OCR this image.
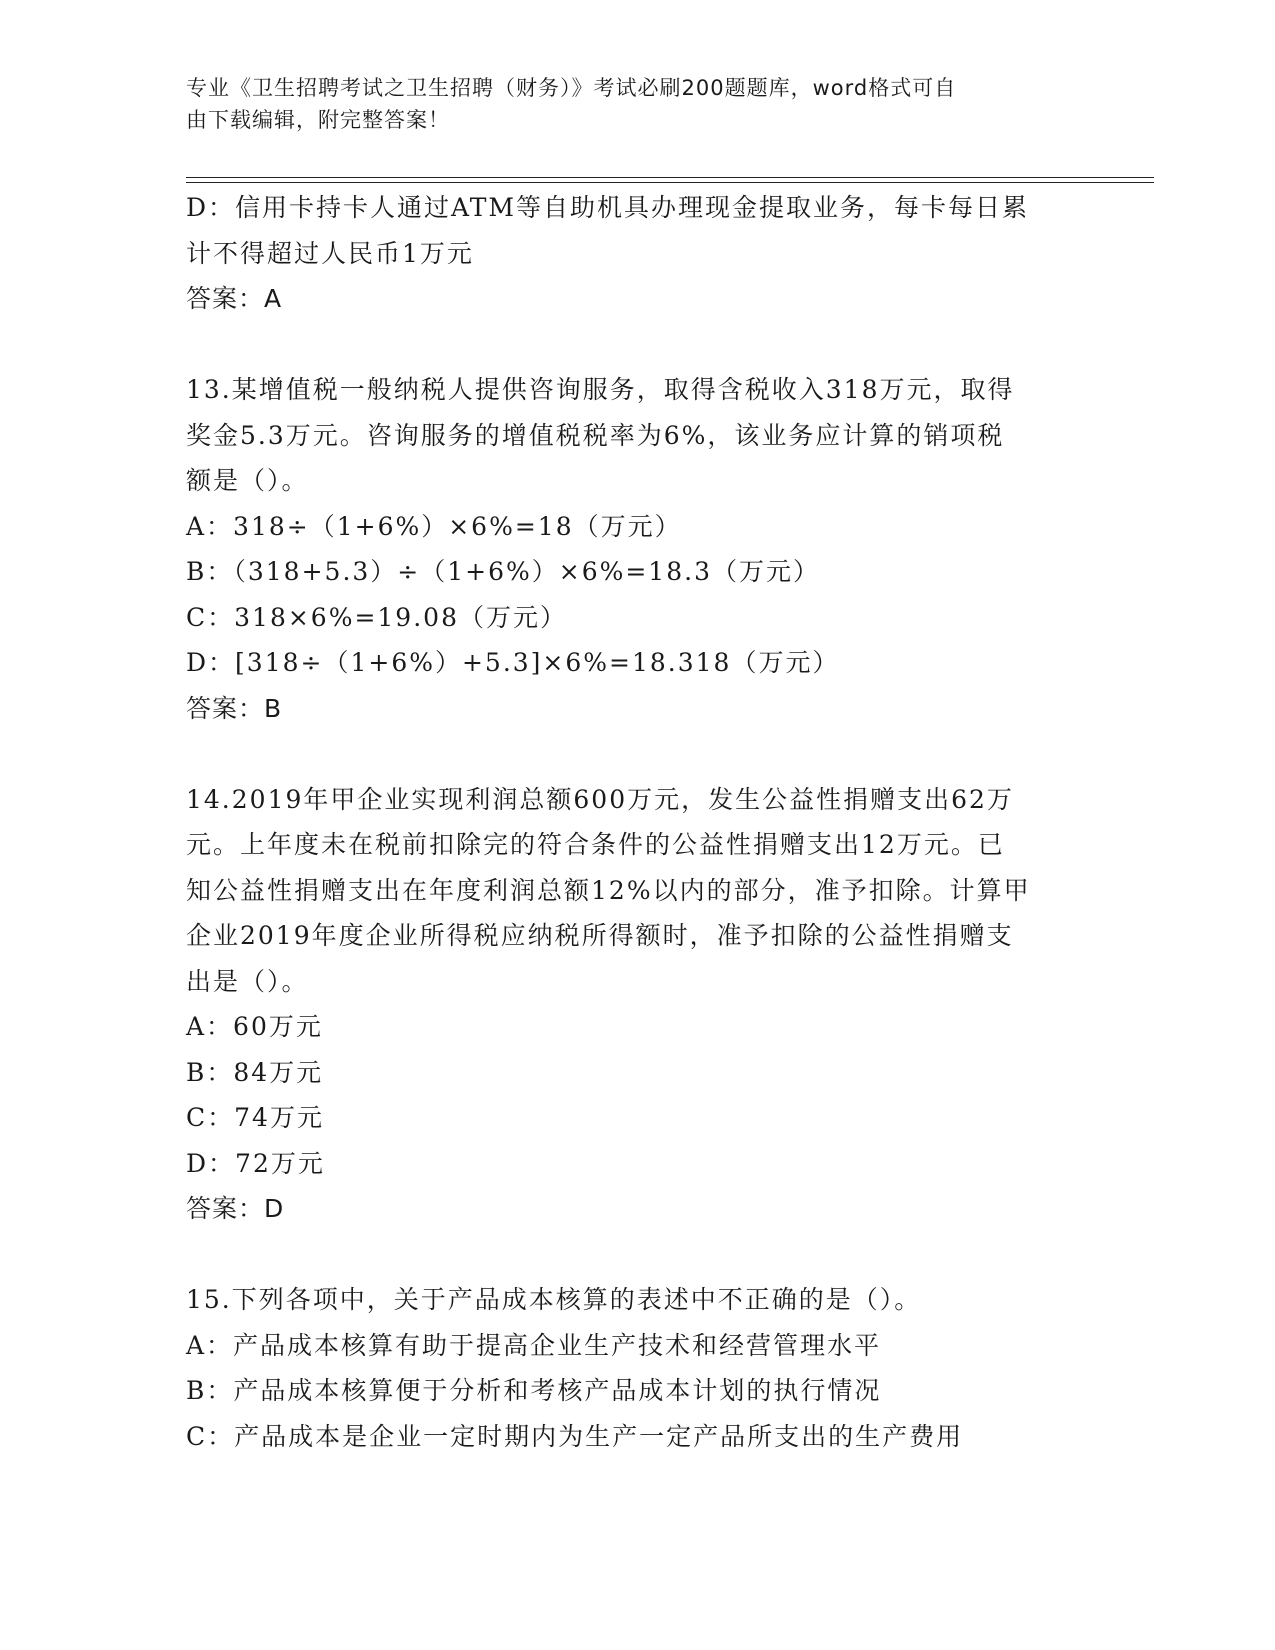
专业《卫生招聘考试之卫生招聘（财务）》考试必刷200题题库，word格式可自
由下载编辑，附完整答案！
D：信用卡持卡人通过ATM等自助机具办理现金提取业务，每卡每日累
计不得超过人民币1万元
答案：A
13.某增值税一般纳税人提供咨询服务，取得含税收入318万元，取得
奖金5.3万元。咨询服务的增值税税率为6%，该业务应计算的销项税
额是（）。
A：318÷（1+6%）×6%=18（万元）
B：（318+5.3）÷（1+6%）×6%=18.3（万元）
C：318×6%=19.08（万元）
D：[318÷（1+6%）+5.3]×6%=18.318（万元）
答案：B
14.2019年甲企业实现利润总额600万元，发生公益性捐赠支出62万
元。上年度未在税前扣除完的符合条件的公益性捐赠支出12万元。已
知公益性捐赠支出在年度利润总额12%以内的部分，准予扣除。计算甲
企业2019年度企业所得税应纳税所得额时，准予扣除的公益性捐赠支
出是（）。
A：60万元
B：84万元
C：74万元
D：72万元
答案：D
15.下列各项中，关于产品成本核算的表述中不正确的是（）。
A：产品成本核算有助于提高企业生产技术和经营管理水平
B：产品成本核算便于分析和考核产品成本计划的执行情况
C：产品成本是企业一定时期内为生产一定产品所支出的生产费用
